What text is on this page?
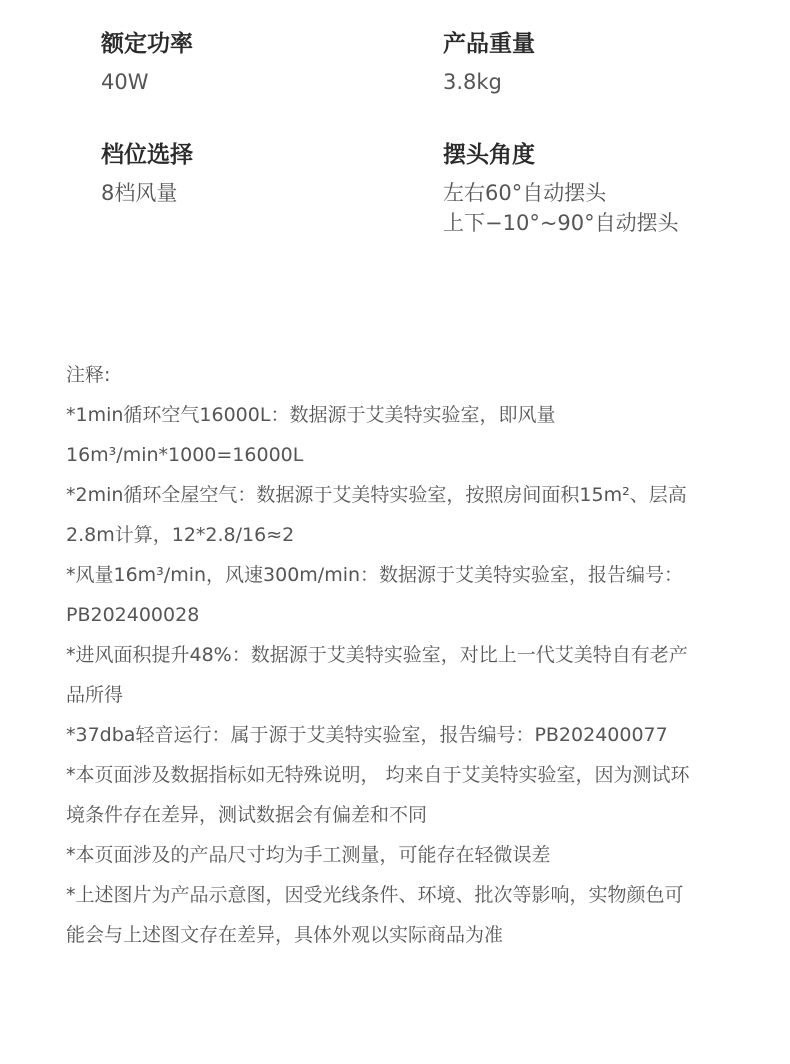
额定功率
40W
产品重量
3.8kg
档位选择
8档风量
摆头角度
左右60°自动摆头
上下−10°~90°自动摆头
注释:
*1min循环空气16000L：数据源于艾美特实验室，即风量
16m³/min*1000=16000L
*2min循环全屋空气：数据源于艾美特实验室，按照房间面积15m²、层高
2.8m计算，12*2.8/16≈2
*风量16m³/min，风速300m/min：数据源于艾美特实验室，报告编号：
PB202400028
*进风面积提升48%：数据源于艾美特实验室，对比上一代艾美特自有老产
品所得
*37dba轻音运行：属于源于艾美特实验室，报告编号：PB202400077
*本页面涉及数据指标如无特殊说明， 均来自于艾美特实验室，因为测试环
境条件存在差异，测试数据会有偏差和不同
*本页面涉及的产品尺寸均为手工测量，可能存在轻微误差
*上述图片为产品示意图，因受光线条件、环境、批次等影响，实物颜色可
能会与上述图文存在差异，具体外观以实际商品为准
